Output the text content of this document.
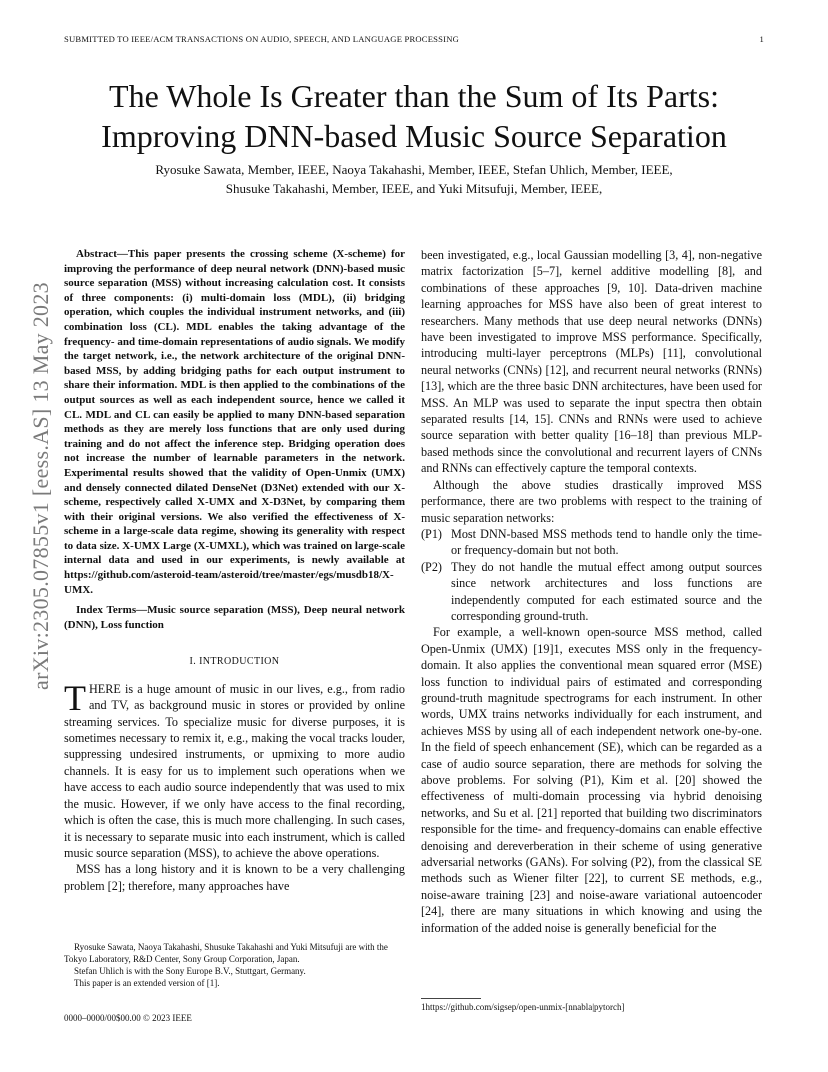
SUBMITTED TO IEEE/ACM TRANSACTIONS ON AUDIO, SPEECH, AND LANGUAGE PROCESSING	1
arXiv:2305.07855v1 [eess.AS] 13 May 2023
The Whole Is Greater than the Sum of Its Parts:
Improving DNN-based Music Source Separation
Ryosuke Sawata, Member, IEEE, Naoya Takahashi, Member, IEEE, Stefan Uhlich, Member, IEEE,
Shusuke Takahashi, Member, IEEE, and Yuki Mitsufuji, Member, IEEE,

Abstract—This paper presents the crossing scheme (X-scheme) for improving the performance of deep neural network (DNN)-based music source separation (MSS) without increasing calculation cost. It consists of three components: (i) multi-domain loss (MDL), (ii) bridging operation, which couples the individual instrument networks, and (iii) combination loss (CL). MDL enables the taking advantage of the frequency- and time-domain representations of audio signals. We modify the target network, i.e., the network architecture of the original DNN-based MSS, by adding bridging paths for each output instrument to share their information. MDL is then applied to the combinations of the output sources as well as each independent source, hence we called it CL. MDL and CL can easily be applied to many DNN-based separation methods as they are merely loss functions that are only used during training and do not affect the inference step. Bridging operation does not increase the number of learnable parameters in the network. Experimental results showed that the validity of Open-Unmix (UMX) and densely connected dilated DenseNet (D3Net) extended with our X-scheme, respectively called X-UMX and X-D3Net, by comparing them with their original versions. We also verified the effectiveness of X-scheme in a large-scale data regime, showing its generality with respect to data size. X-UMX Large (X-UMXL), which was trained on large-scale internal data and used in our experiments, is newly available at https://github.com/asteroid-team/asteroid/tree/master/egs/musdb18/X-UMX.

Index Terms—Music source separation (MSS), Deep neural network (DNN), Loss function

I. INTRODUCTION

THERE is a huge amount of music in our lives, e.g., from radio and TV, as background music in stores or provided by online streaming services. To specialize music for diverse purposes, it is sometimes necessary to remix it, e.g., making the vocal tracks louder, suppressing undesired instruments, or upmixing to more audio channels. It is easy for us to implement such operations when we have access to each audio source independently that was used to mix the music. However, if we only have access to the final recording, which is often the case, this is much more challenging. In such cases, it is necessary to separate music into each instrument, which is called music source separation (MSS), to achieve the above operations.

MSS has a long history and it is known to be a very challenging problem [2]; therefore, many approaches have

Ryosuke Sawata, Naoya Takahashi, Shusuke Takahashi and Yuki Mitsufuji are with the Tokyo Laboratory, R&D Center, Sony Group Corporation, Japan.

Stefan Uhlich is with the Sony Europe B.V., Stuttgart, Germany.

This paper is an extended version of [1].

0000–0000/00$00.00 © 2023 IEEE

been investigated, e.g., local Gaussian modelling [3, 4], non-negative matrix factorization [5–7], kernel additive modelling [8], and combinations of these approaches [9, 10]. Data-driven machine learning approaches for MSS have also been of great interest to researchers. Many methods that use deep neural networks (DNNs) have been investigated to improve MSS performance. Specifically, introducing multi-layer perceptrons (MLPs) [11], convolutional neural networks (CNNs) [12], and recurrent neural networks (RNNs) [13], which are the three basic DNN architectures, have been used for MSS. An MLP was used to separate the input spectra then obtain separated results [14, 15]. CNNs and RNNs were used to achieve source separation with better quality [16–18] than previous MLP-based methods since the convolutional and recurrent layers of CNNs and RNNs can effectively capture the temporal contexts.

Although the above studies drastically improved MSS performance, there are two problems with respect to the training of music separation networks:

(P1) Most DNN-based MSS methods tend to handle only the time- or frequency-domain but not both.
(P2) They do not handle the mutual effect among output sources since network architectures and loss functions are independently computed for each estimated source and the corresponding ground-truth.

For example, a well-known open-source MSS method, called Open-Unmix (UMX) [19]1, executes MSS only in the frequency-domain. It also applies the conventional mean squared error (MSE) loss function to individual pairs of estimated and corresponding ground-truth magnitude spectrograms for each instrument. In other words, UMX trains networks individually for each instrument, and achieves MSS by using all of each independent network one-by-one. In the field of speech enhancement (SE), which can be regarded as a case of audio source separation, there are methods for solving the above problems. For solving (P1), Kim et al. [20] showed the effectiveness of multi-domain processing via hybrid denoising networks, and Su et al. [21] reported that building two discriminators responsible for the time- and frequency-domains can enable effective denoising and dereverberation in their scheme of using generative adversarial networks (GANs). For solving (P2), from the classical SE methods such as Wiener filter [22], to current SE methods, e.g., noise-aware training [23] and noise-aware variational autoencoder [24], there are many situations in which knowing and using the information of the added noise is generally beneficial for the

1https://github.com/sigsep/open-unmix-[nnabla|pytorch]
